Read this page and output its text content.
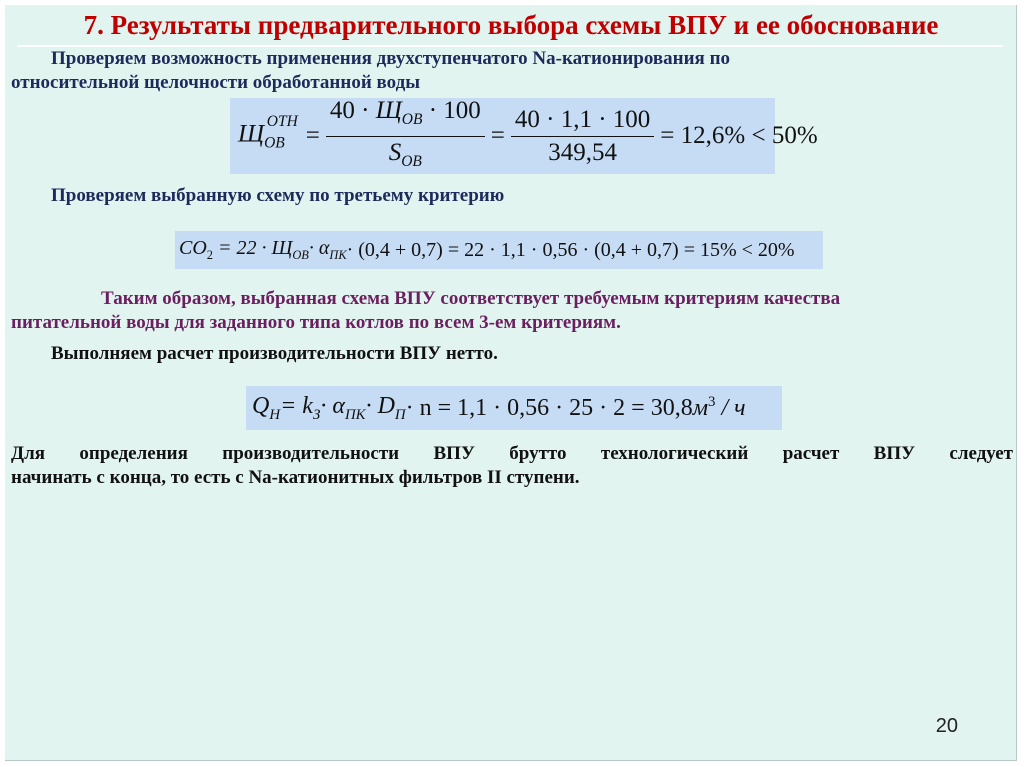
7. Результаты предварительного выбора схемы ВПУ и ее обоснование

Проверяем возможность применения двухступенчатого Na-катионирования по

относительной щелочности обработанной воды

$Щ_{ОВ}^{ОТН}$
= $\frac{40 \cdot Щ_{ОВ} \cdot 100}{S_{ОВ}} = \frac{40 \cdot 1,1 \cdot 100}{349,54} = 12,6\% < 50\%$

Проверяем выбранную схему по третьему критерию

$CO_2$
= $22 \cdot Щ_{ОВ} \cdot \alpha_{ПК} \cdot (0,4 + 0,7) = 22 \cdot 1,1 \cdot 0,56 \cdot (0,4 + 0,7) = 15\% < 20\%$

Таким образом, выбранная схема ВПУ соответствует требуемым критериям качества

питательной воды для заданного типа котлов по всем 3-ем критериям.

Выполняем расчет производительности ВПУ нетто.

$Q_Н = k_З \cdot \alpha_{ПК} \cdot D_П \cdot n = 1,1 \cdot 0,56 \cdot 25 \cdot 2 = 30,8$ $м^3$ / ч

Для определения производительности ВПУ брутто технологический расчет ВПУ следует

начинать с конца, то есть с Na-катионитных фильтров II ступени.

20
